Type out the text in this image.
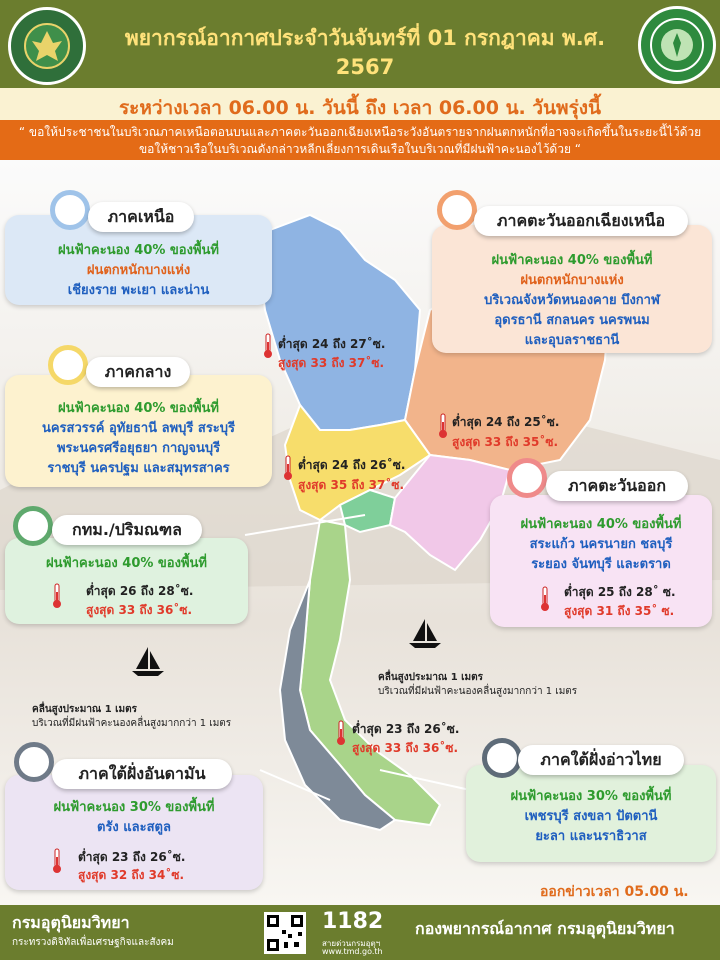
พยากรณ์อากาศประจำวันจันทร์ที่ 01 กรกฎาคม พ.ศ. 2567
ระหว่างเวลา 06.00 น. วันนี้ ถึง เวลา 06.00 น. วันพรุ่งนี้
“ ขอให้ประชาชนในบริเวณภาคเหนือตอนบนและภาคตะวันออกเฉียงเหนือระวังอันตรายจากฝนตกหนักที่อาจจะเกิดขึ้นในระยะนี้ไว้ด้วย
ขอให้ชาวเรือในบริเวณดังกล่าวหลีกเลี่ยงการเดินเรือในบริเวณที่มีฝนฟ้าคะนองไว้ด้วย “
ภาคเหนือ
ฝนฟ้าคะนอง 40% ของพื้นที่
ฝนตกหนักบางแห่ง
เชียงราย พะเยา และน่าน
ต่ำสุด 24 ถึง 27˚ซ.
สูงสุด 33 ถึง 37˚ซ.
ภาคตะวันออกเฉียงเหนือ
ฝนฟ้าคะนอง 40% ของพื้นที่
ฝนตกหนักบางแห่ง
บริเวณจังหวัดหนองคาย บึงกาฬ
อุดรธานี สกลนคร นครพนม
และอุบลราชธานี
ต่ำสุด 24 ถึง 25˚ซ.
สูงสุด 33 ถึง 35˚ซ.
ภาคกลาง
ฝนฟ้าคะนอง 40% ของพื้นที่
นครสวรรค์ อุทัยธานี ลพบุรี สระบุรี
พระนครศรีอยุธยา กาญจนบุรี
ราชบุรี นครปฐม และสมุทรสาคร	ต่ำสุด 24 ถึง 26˚ซ.
สูงสุด 35 ถึง 37˚ซ.	ภาคตะวันออก
ฝนฟ้าคะนอง 40% ของพื้นที่
สระแก้ว นครนายก ชลบุรี
ระยอง จันทบุรี และตราด
ต่ำสุด 25 ถึง 28˚ ซ.
สูงสุด 31 ถึง 35˚ ซ.
กทม./ปริมณฑล
ฝนฟ้าคะนอง 40% ของพื้นที่
ต่ำสุด 26 ถึง 28˚ซ.
สูงสุด 33 ถึง 36˚ซ.
คลื่นสูงประมาณ 1 เมตร
บริเวณที่มีฝนฟ้าคะนองคลื่นสูงมากกว่า 1 เมตร
คลื่นสูงประมาณ 1 เมตร
บริเวณที่มีฝนฟ้าคะนองคลื่นสูงมากกว่า 1 เมตร
ต่ำสุด 23 ถึง 26˚ซ.
สูงสุด 33 ถึง 36˚ซ.
ภาคใต้ฝั่งอันดามัน
ฝนฟ้าคะนอง 30% ของพื้นที่
ตรัง และสตูล
ต่ำสุด 23 ถึง 26˚ซ.
สูงสุด 32 ถึง 34˚ซ.
ภาคใต้ฝั่งอ่าวไทย
ฝนฟ้าคะนอง 30% ของพื้นที่
เพชรบุรี สงขลา ปัตตานี
ยะลา และนราธิวาส
ออกข่าวเวลา 05.00 น.
กรมอุตุนิยมวิทยา
กระทรวงดิจิทัลเพื่อเศรษฐกิจและสังคม
1182
สายด่วนกรมอุตุฯ
www.tmd.go.th
กองพยากรณ์อากาศ กรมอุตุนิยมวิทยา
